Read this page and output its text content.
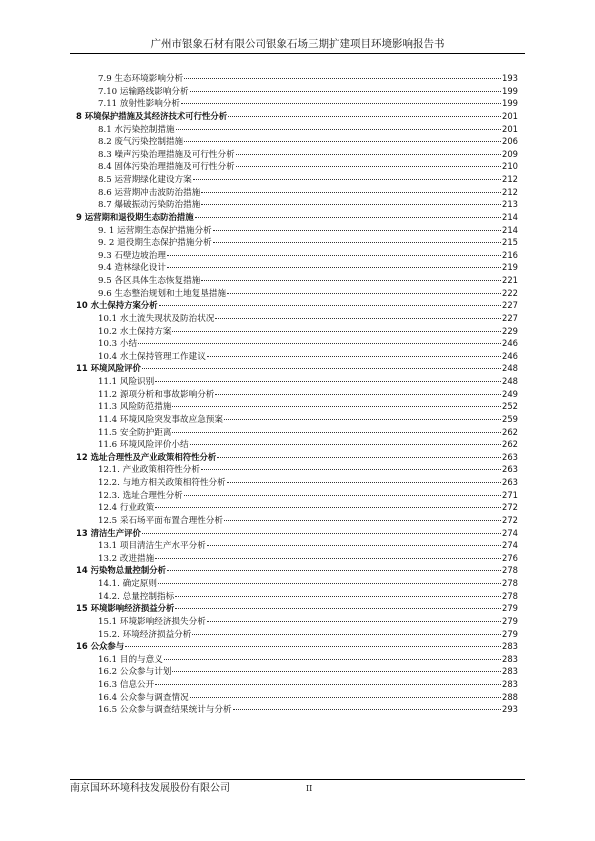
广州市银象石材有限公司银象石场三期扩建项目环境影响报告书
7.9 生态环境影响分析	193
7.10 运输路线影响分析	199
7.11 放射性影响分析	199
8 环境保护措施及其经济技术可行性分析	201
8.1 水污染控制措施	201
8.2 废气污染控制措施	206
8.3 噪声污染治理措施及可行性分析	209
8.4 固体污染治理措施及可行性分析	210
8.5 运营期绿化建设方案	212
8.6 运营期冲击波防治措施	212
8.7 爆破振动污染防治措施	213
9 运营期和退役期生态防治措施	214
9. 1 运营期生态保护措施分析	214
9. 2 退役期生态保护措施分析	215
9.3 石壁边坡治理	216
9.4 造林绿化设计	219
9.5 各区具体生态恢复措施	221
9.6 生态整治规划和土地复垦措施	222
10 水土保持方案分析	227
10.1 水土流失现状及防治状况	227
10.2 水土保持方案	229
10.3 小结	246
10.4 水土保持管理工作建议	246
11 环境风险评价	248
11.1 风险识别	248
11.2 源项分析和事故影响分析	249
11.3 风险防范措施	252
11.4 环境风险突发事故应急预案	259
11.5 安全防护距离	262
11.6 环境风险评价小结	262
12 选址合理性及产业政策相符性分析	263
12.1. 产业政策相符性分析	263
12.2. 与地方相关政策相符性分析	263
12.3. 选址合理性分析	271
12.4 行业政策	272
12.5 采石场平面布置合理性分析	272
13 清洁生产评价	274
13.1 项目清洁生产水平分析	274
13.2 改进措施	276
14 污染物总量控制分析	278
14.1. 确定原则	278
14.2. 总量控制指标	278
15 环境影响经济损益分析	279
15.1 环境影响经济损失分析	279
15.2. 环境经济损益分析	279
16 公众参与	283
16.1 目的与意义	283
16.2 公众参与计划	283
16.3 信息公开	283
16.4 公众参与调查情况	288
16.5 公众参与调查结果统计与分析	293
南京国环环境科技发展股份有限公司	II
